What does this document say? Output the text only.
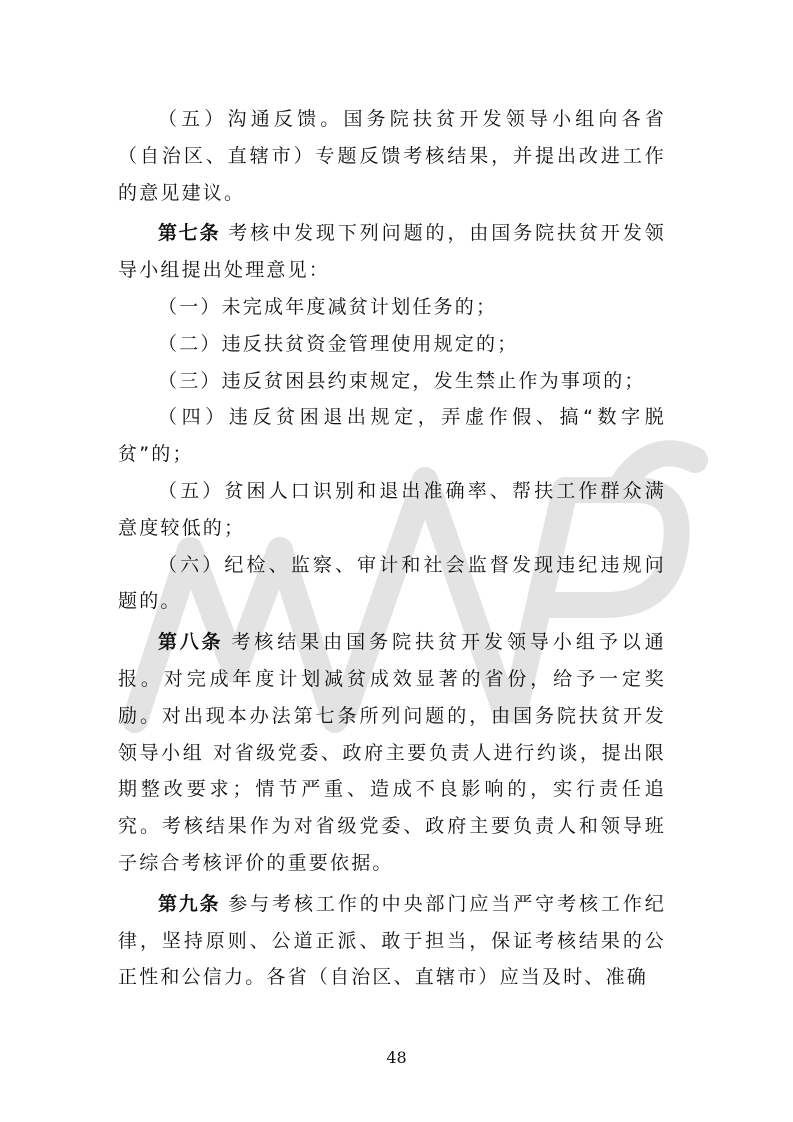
（五）沟通反馈。国务院扶贫开发领导小组向各省（自治区、直辖市）专题反馈考核结果，并提出改进工作的意见建议。

第七条 考核中发现下列问题的，由国务院扶贫开发领导小组提出处理意见：

（一）未完成年度减贫计划任务的；

（二）违反扶贫资金管理使用规定的；

（三）违反贫困县约束规定，发生禁止作为事项的；

（四）违反贫困退出规定，弄虚作假、搞“数字脱贫”的；

（五）贫困人口识别和退出准确率、帮扶工作群众满意度较低的；

（六）纪检、监察、审计和社会监督发现违纪违规问题的。

第八条 考核结果由国务院扶贫开发领导小组予以通报。对完成年度计划减贫成效显著的省份，给予一定奖励。对出现本办法第七条所列问题的，由国务院扶贫开发领导小组 对省级党委、政府主要负责人进行约谈，提出限期整改要求；情节严重、造成不良影响的，实行责任追究。考核结果作为对省级党委、政府主要负责人和领导班子综合考核评价的重要依据。

第九条 参与考核工作的中央部门应当严守考核工作纪律，坚持原则、公道正派、敢于担当，保证考核结果的公正性和公信力。各省（自治区、直辖市）应当及时、准确

48
